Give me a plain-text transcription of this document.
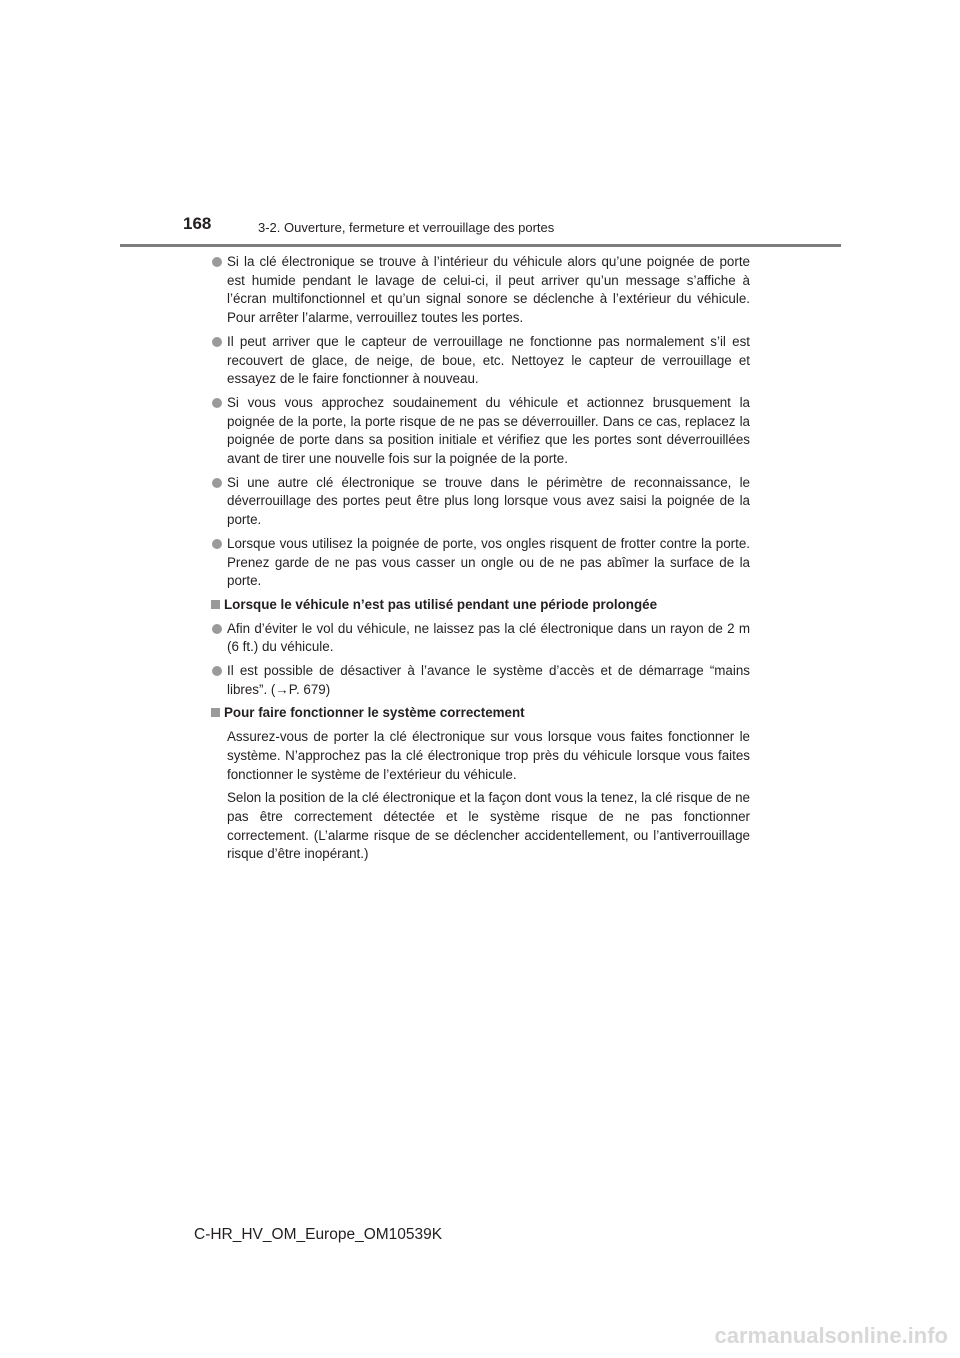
168	3-2. Ouverture, fermeture et verrouillage des portes
Si la clé électronique se trouve à l’intérieur du véhicule alors qu’une poignée de porte est humide pendant le lavage de celui-ci, il peut arriver qu’un message s’affiche à l’écran multifonctionnel et qu’un signal sonore se déclenche à l’extérieur du véhicule. Pour arrêter l’alarme, verrouillez toutes les portes.
Il peut arriver que le capteur de verrouillage ne fonctionne pas normalement s’il est recouvert de glace, de neige, de boue, etc. Nettoyez le capteur de verrouillage et essayez de le faire fonctionner à nouveau.
Si vous vous approchez soudainement du véhicule et actionnez brusquement la poignée de la porte, la porte risque de ne pas se déverrouiller. Dans ce cas, replacez la poignée de porte dans sa position initiale et vérifiez que les portes sont déverrouillées avant de tirer une nouvelle fois sur la poignée de la porte.
Si une autre clé électronique se trouve dans le périmètre de reconnaissance, le déverrouillage des portes peut être plus long lorsque vous avez saisi la poignée de la porte.
Lorsque vous utilisez la poignée de porte, vos ongles risquent de frotter contre la porte. Prenez garde de ne pas vous casser un ongle ou de ne pas abîmer la surface de la porte.
Lorsque le véhicule n’est pas utilisé pendant une période prolongée
Afin d’éviter le vol du véhicule, ne laissez pas la clé électronique dans un rayon de 2 m (6 ft.) du véhicule.
Il est possible de désactiver à l’avance le système d’accès et de démarrage “mains libres”. (→P. 679)
Pour faire fonctionner le système correctement
Assurez-vous de porter la clé électronique sur vous lorsque vous faites fonctionner le système. N’approchez pas la clé électronique trop près du véhicule lorsque vous faites fonctionner le système de l’extérieur du véhicule.
Selon la position de la clé électronique et la façon dont vous la tenez, la clé risque de ne pas être correctement détectée et le système risque de ne pas fonctionner correctement. (L’alarme risque de se déclencher accidentellement, ou l’antiverrouillage risque d’être inopérant.)
C-HR_HV_OM_Europe_OM10539K
carmanualsonline.info
